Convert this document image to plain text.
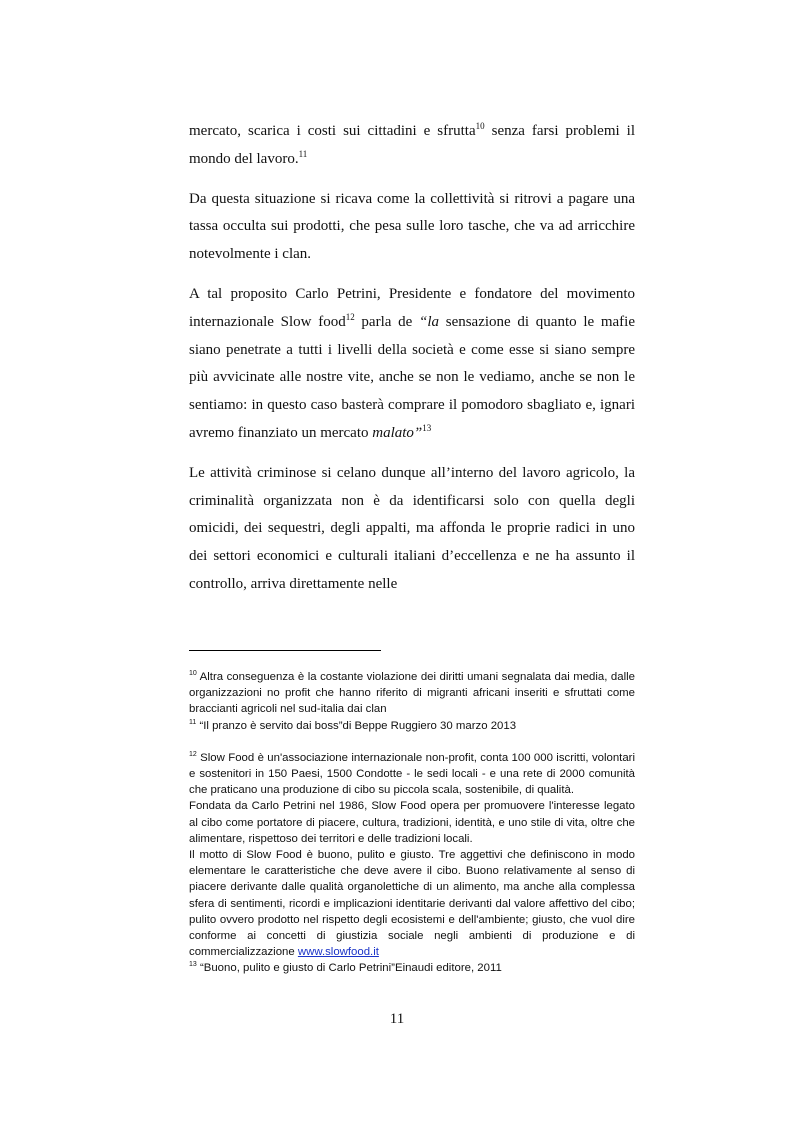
mercato, scarica i costi sui cittadini e sfrutta$^{10}$ senza farsi problemi il mondo del lavoro.$^{11}$

Da questa situazione si ricava come la collettività si ritrovi a pagare una tassa occulta sui prodotti, che pesa sulle loro tasche, che va ad arricchire notevolmente i clan.

A tal proposito Carlo Petrini, Presidente e fondatore del movimento internazionale Slow food$^{12}$ parla de “la sensazione di quanto le mafie siano penetrate a tutti i livelli della società e come esse si siano sempre più avvicinate alle nostre vite, anche se non le vediamo, anche se non le sentiamo: in questo caso basterà comprare il pomodoro sbagliato e, ignari avremo finanziato un mercato malato”$^{13}$

Le attività criminose si celano dunque all’interno del lavoro agricolo, la criminalità organizzata non è da identificarsi solo con quella degli omicidi, dei sequestri, degli appalti, ma affonda le proprie radici in uno dei settori economici e culturali italiani d’eccellenza e ne ha assunto il controllo, arriva direttamente nelle

$^{10}$ Altra conseguenza è la costante violazione dei diritti umani segnalata dai media, dalle organizzazioni no profit che hanno riferito di migranti africani inseriti e sfruttati come braccianti agricoli nel sud-italia dai clan

$^{11}$ “Il pranzo è servito dai boss”di Beppe Ruggiero 30 marzo 2013

$^{12}$ Slow Food è un'associazione internazionale non-profit, conta 100 000 iscritti, volontari e sostenitori in 150 Paesi, 1500 Condotte - le sedi locali - e una rete di 2000 comunità che praticano una produzione di cibo su piccola scala, sostenibile, di qualità.

Fondata da Carlo Petrini nel 1986, Slow Food opera per promuovere l'interesse legato al cibo come portatore di piacere, cultura, tradizioni, identità, e uno stile di vita, oltre che alimentare, rispettoso dei territori e delle tradizioni locali.

Il motto di Slow Food è buono, pulito e giusto. Tre aggettivi che definiscono in modo elementare le caratteristiche che deve avere il cibo. Buono relativamente al senso di piacere derivante dalle qualità organolettiche di un alimento, ma anche alla complessa sfera di sentimenti, ricordi e implicazioni identitarie derivanti dal valore affettivo del cibo; pulito ovvero prodotto nel rispetto degli ecosistemi e dell'ambiente; giusto, che vuol dire conforme ai concetti di giustizia sociale negli ambienti di produzione e di commercializzazione www.slowfood.it

$^{13}$ “Buono, pulito e giusto di Carlo Petrini”Einaudi editore, 2011

11
